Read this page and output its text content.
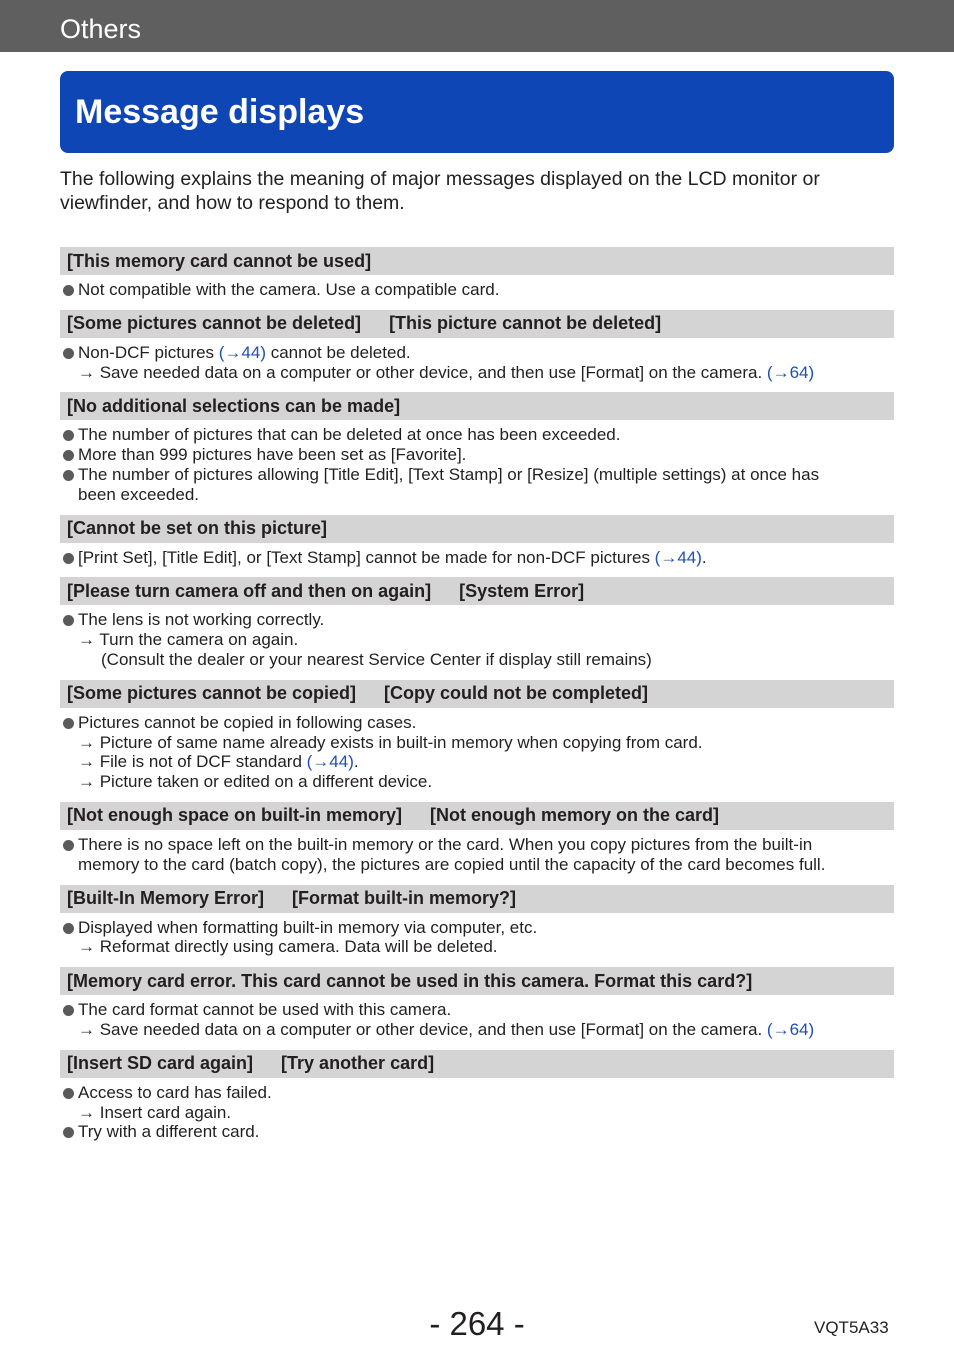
Others
Message displays
The following explains the meaning of major messages displayed on the LCD monitor or
viewfinder, and how to respond to them.
[This memory card cannot be used]
Not compatible with the camera. Use a compatible card.
[Some pictures cannot be deleted] [This picture cannot be deleted]
Non-DCF pictures (→44) cannot be deleted.
→ Save needed data on a computer or other device, and then use [Format] on the camera. (→64)
[No additional selections can be made]
The number of pictures that can be deleted at once has been exceeded.
More than 999 pictures have been set as [Favorite].
The number of pictures allowing [Title Edit], [Text Stamp] or [Resize] (multiple settings) at once has
been exceeded.
[Cannot be set on this picture]
[Print Set], [Title Edit], or [Text Stamp] cannot be made for non-DCF pictures (→44).
[Please turn camera off and then on again] [System Error]
The lens is not working correctly.
→ Turn the camera on again.
(Consult the dealer or your nearest Service Center if display still remains)
[Some pictures cannot be copied] [Copy could not be completed]
Pictures cannot be copied in following cases.
→ Picture of same name already exists in built-in memory when copying from card.
→ File is not of DCF standard (→44).
→ Picture taken or edited on a different device.
[Not enough space on built-in memory] [Not enough memory on the card]
There is no space left on the built-in memory or the card. When you copy pictures from the built-in
memory to the card (batch copy), the pictures are copied until the capacity of the card becomes full.
[Built-In Memory Error] [Format built-in memory?]
Displayed when formatting built-in memory via computer, etc.
→ Reformat directly using camera. Data will be deleted.
[Memory card error. This card cannot be used in this camera. Format this card?]
The card format cannot be used with this camera.
→ Save needed data on a computer or other device, and then use [Format] on the camera. (→64)
[Insert SD card again] [Try another card]
Access to card has failed.
→ Insert card again.
Try with a different card.
- 264 -	VQT5A33
